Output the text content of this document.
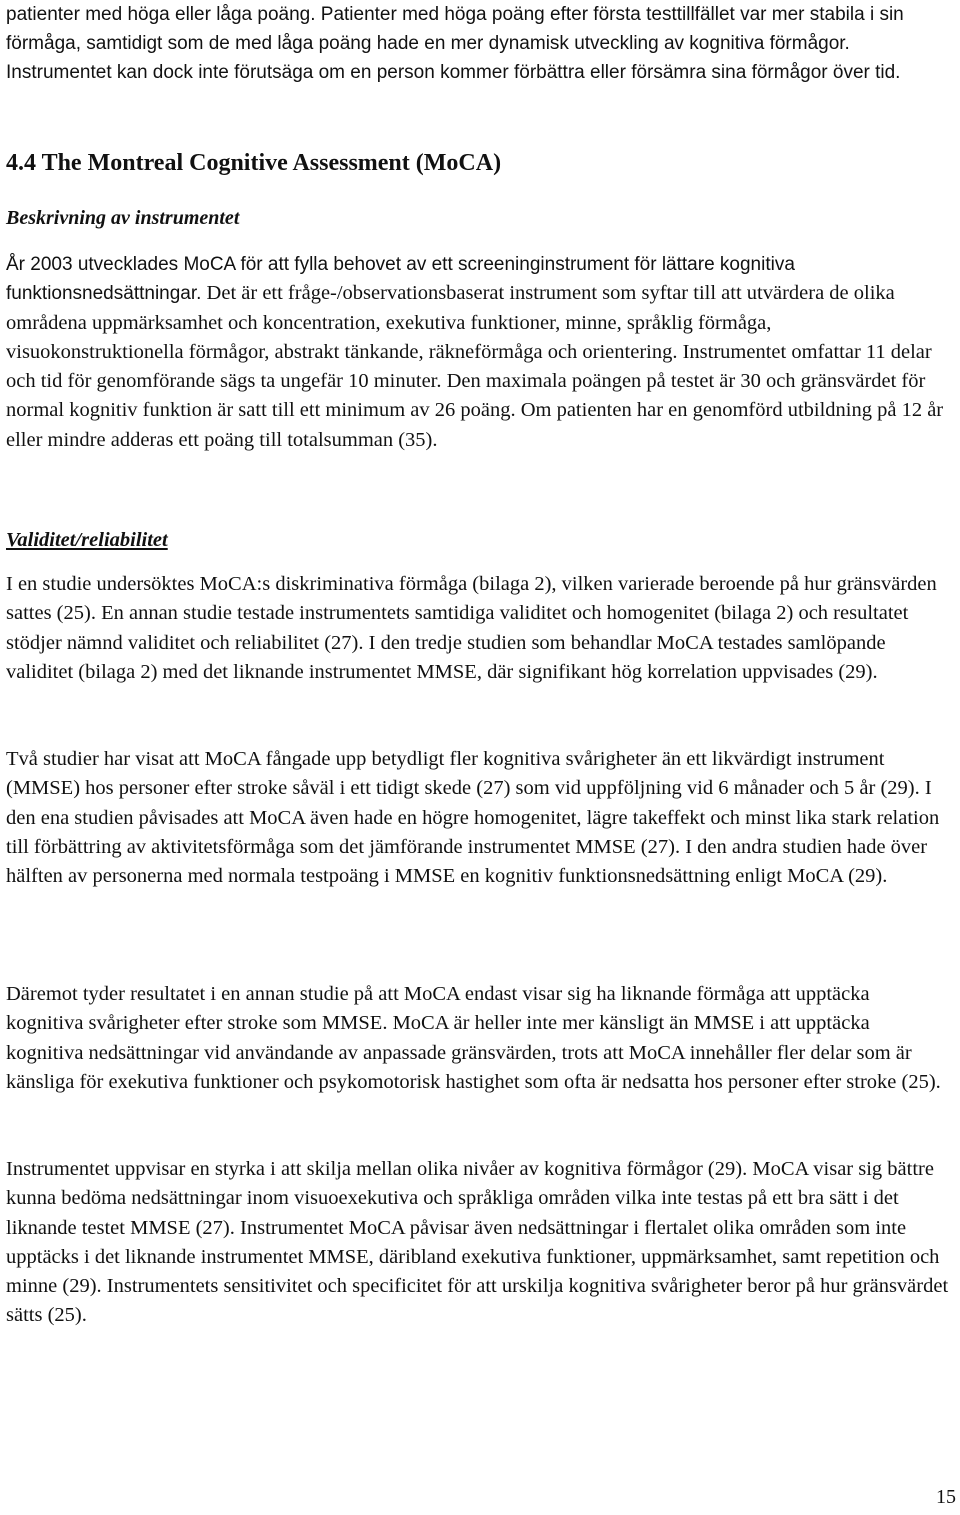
patienter med höga eller låga poäng. Patienter med höga poäng efter första testtillfället var mer stabila i sin förmåga, samtidigt som de med låga poäng hade en mer dynamisk utveckling av kognitiva förmågor. Instrumentet kan dock inte förutsäga om en person kommer förbättra eller försämra sina förmågor över tid.

4.4 The Montreal Cognitive Assessment (MoCA)
Beskrivning av instrumentet

År 2003 utvecklades MoCA för att fylla behovet av ett screeninginstrument för lättare kognitiva funktionsnedsättningar. Det är ett fråge-/observationsbaserat instrument som syftar till att utvärdera de olika områdena uppmärksamhet och koncentration, exekutiva funktioner, minne, språklig förmåga, visuokonstruktionella förmågor, abstrakt tänkande, räkneförmåga och orientering. Instrumentet omfattar 11 delar och tid för genomförande sägs ta ungefär 10 minuter. Den maximala poängen på testet är 30 och gränsvärdet för normal kognitiv funktion är satt till ett minimum av 26 poäng. Om patienten har en genomförd utbildning på 12 år eller mindre adderas ett poäng till totalsumman (35).

Validitet/reliabilitet

I en studie undersöktes MoCA:s diskriminativa förmåga (bilaga 2), vilken varierade beroende på hur gränsvärden sattes (25). En annan studie testade instrumentets samtidiga validitet och homogenitet (bilaga 2) och resultatet stödjer nämnd validitet och reliabilitet (27). I den tredje studien som behandlar MoCA testades samlöpande validitet (bilaga 2) med det liknande instrumentet MMSE, där signifikant hög korrelation uppvisades (29).

Två studier har visat att MoCA fångade upp betydligt fler kognitiva svårigheter än ett likvärdigt instrument (MMSE) hos personer efter stroke såväl i ett tidigt skede (27) som vid uppföljning vid 6 månader och 5 år (29). I den ena studien påvisades att MoCA även hade en högre homogenitet, lägre takeffekt och minst lika stark relation till förbättring av aktivitetsförmåga som det jämförande instrumentet MMSE (27). I den andra studien hade över hälften av personerna med normala testpoäng i MMSE en kognitiv funktionsnedsättning enligt MoCA (29).

Däremot tyder resultatet i en annan studie på att MoCA endast visar sig ha liknande förmåga att upptäcka kognitiva svårigheter efter stroke som MMSE. MoCA är heller inte mer känsligt än MMSE i att upptäcka kognitiva nedsättningar vid användande av anpassade gränsvärden, trots att MoCA innehåller fler delar som är känsliga för exekutiva funktioner och psykomotorisk hastighet som ofta är nedsatta hos personer efter stroke (25).

Instrumentet uppvisar en styrka i att skilja mellan olika nivåer av kognitiva förmågor (29). MoCA visar sig bättre kunna bedöma nedsättningar inom visuoexekutiva och språkliga områden vilka inte testas på ett bra sätt i det liknande testet MMSE (27). Instrumentet MoCA påvisar även nedsättningar i flertalet olika områden som inte upptäcks i det liknande instrumentet MMSE, däribland exekutiva funktioner, uppmärksamhet, samt repetition och minne (29). Instrumentets sensitivitet och specificitet för att urskilja kognitiva svårigheter beror på hur gränsvärdet sätts (25).

15
